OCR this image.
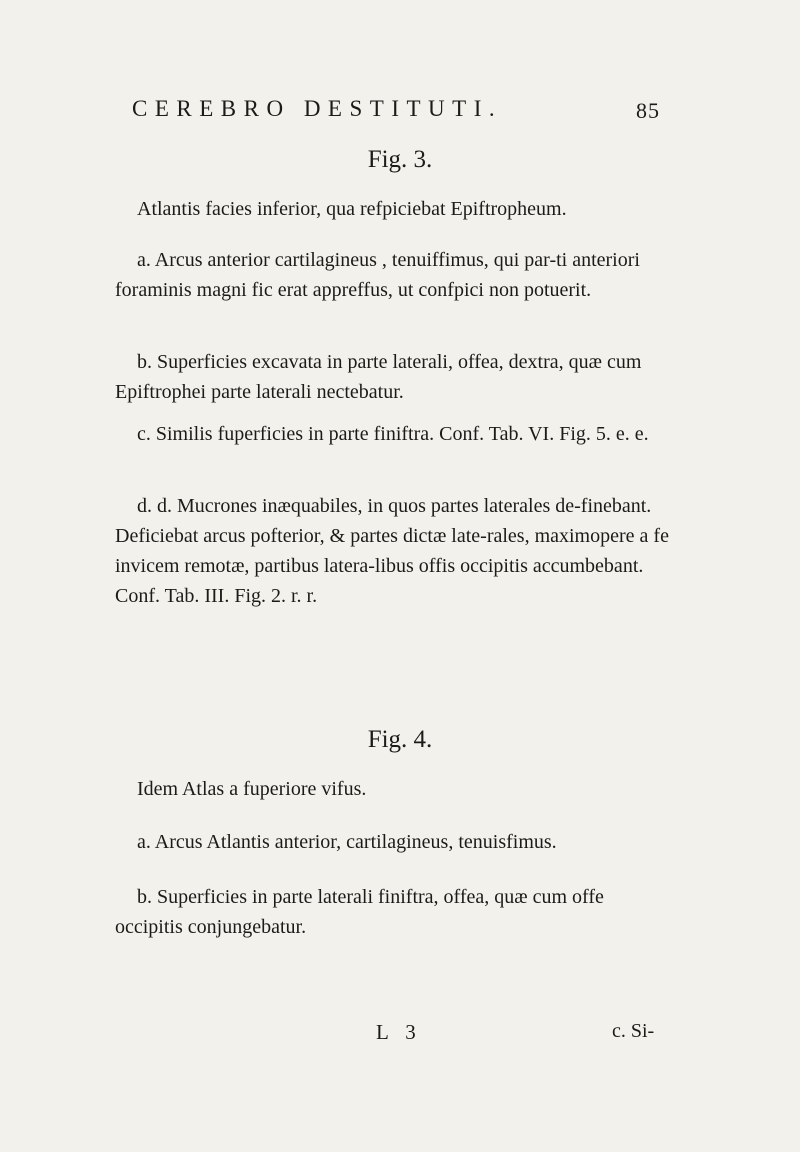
CEREBRO DESTITUTI.	85
Fig. 3.

Atlantis facies inferior, qua refpiciebat Epiftropheum.

a. Arcus anterior cartilagineus , tenuiffimus, qui par-ti anteriori foraminis magni fic erat appreffus, ut confpici non potuerit.

b. Superficies excavata in parte laterali, offea, dextra, quæ cum Epiftrophei parte laterali nectebatur.

c. Similis fuperficies in parte finiftra. Conf. Tab. VI. Fig. 5. e. e.

d. d. Mucrones inæquabiles, in quos partes laterales de-finebant. Deficiebat arcus pofterior, & partes dictæ late-rales, maximopere a fe invicem remotæ, partibus latera-libus offis occipitis accumbebant. Conf. Tab. III. Fig. 2. r. r.

Fig. 4.

Idem Atlas a fuperiore vifus.

a. Arcus Atlantis anterior, cartilagineus, tenuisfimus.

b. Superficies in parte laterali finiftra, offea, quæ cum offe occipitis conjungebatur.

L 3	c. Si-
